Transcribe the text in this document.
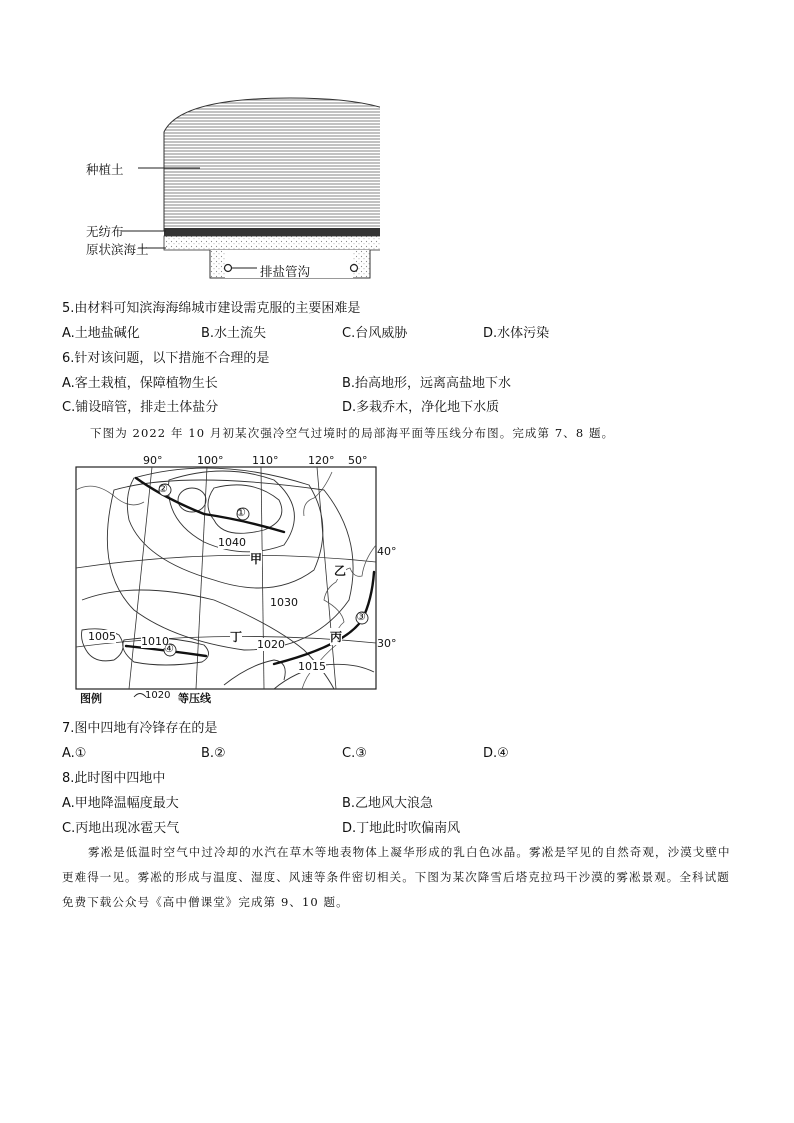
种植土
无纺布
原状滨海土
排盐管沟
5.由材料可知滨海海绵城市建设需克服的主要困难是
A.土地盐碱化	B.水土流失	C.台风威胁	D.水体污染
6.针对该问题，以下措施不合理的是
A.客土栽植，保障植物生长	B.抬高地形，远离高盐地下水
C.铺设暗管，排走土体盐分	D.多栽乔木，净化地下水质
下图为 2022 年 10 月初某次强冷空气过境时的局部海平面等压线分布图。完成第 7、8 题。
90°	100°	110°	120° 50°
40°
30°
1040
1030
1020
1010
1005
1015
甲
乙
丙
丁
②
①
③
④
图例	1020 等压线
7.图中四地有冷锋存在的是
A.①	B.②	C.③	D.④
8.此时图中四地中
A.甲地降温幅度最大	B.乙地风大浪急
C.丙地出现冰雹天气	D.丁地此时吹偏南风
雾凇是低温时空气中过冷却的水汽在草木等地表物体上凝华形成的乳白色冰晶。雾凇是罕见的自然奇观，沙漠戈壁中更难得一见。雾凇的形成与温度、湿度、风速等条件密切相关。下图为某次降雪后塔克拉玛干沙漠的雾凇景观。全科试题免费下载公众号《高中僧课堂》完成第 9、10 题。
